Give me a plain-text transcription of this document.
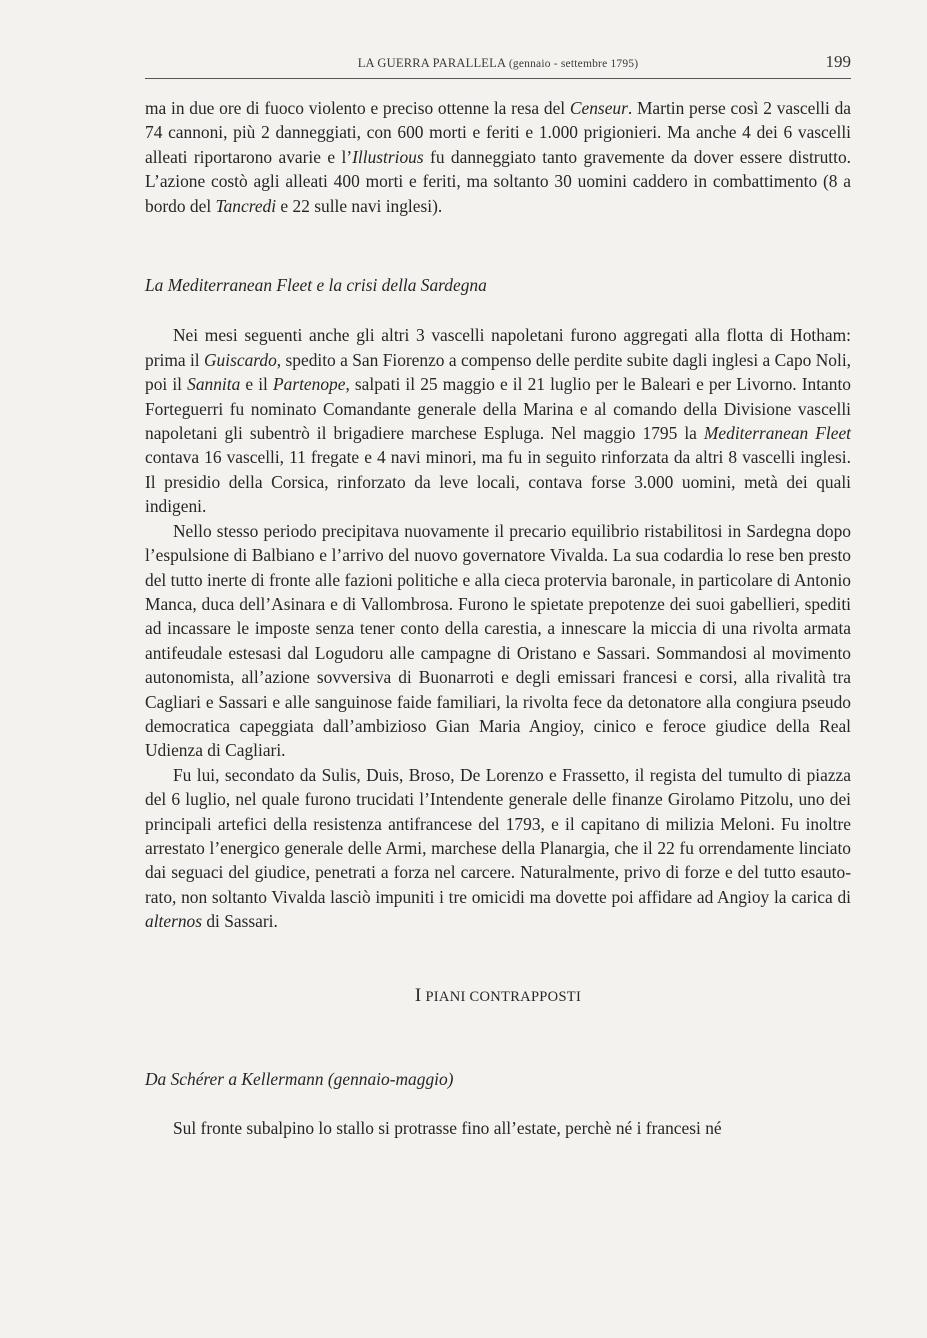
LA GUERRA PARALLELA (gennaio - settembre 1795)	199

ma in due ore di fuoco violento e preciso ottenne la resa del Censeur. Martin perse così 2 vascelli da 74 cannoni, più 2 danneggiati, con 600 morti e feriti e 1.000 prigionieri. Ma anche 4 dei 6 vascelli alleati riportarono avarie e l’Illustrious fu danneggiato tanto gravemente da dover essere distrutto. L’azione costò agli alleati 400 morti e feriti, ma soltanto 30 uomini caddero in combattimento (8 a bordo del Tancredi e 22 sulle navi inglesi).

La Mediterranean Fleet e la crisi della Sardegna

Nei mesi seguenti anche gli altri 3 vascelli napoletani furono aggregati alla flotta di Hotham: prima il Guiscardo, spedito a San Fiorenzo a compenso delle perdite subite dagli inglesi a Capo Noli, poi il Sannita e il Partenope, salpati il 25 maggio e il 21 luglio per le Baleari e per Livorno. Intanto Forteguerri fu nominato Comandante generale della Marina e al comando della Divisione vascelli napoletani gli subentrò il brigadiere marchese Espluga. Nel maggio 1795 la Mediterranean Fleet contava 16 vascelli, 11 fregate e 4 navi minori, ma fu in seguito rinforzata da altri 8 vascelli inglesi. Il presidio della Corsica, rinforzato da leve locali, contava forse 3.000 uomini, metà dei quali indigeni.

Nello stesso periodo precipitava nuovamente il precario equilibrio ristabilitosi in Sardegna dopo l’espulsione di Balbiano e l’arrivo del nuovo governatore Vivalda. La sua codardia lo rese ben presto del tutto inerte di fronte alle fazioni politiche e alla cieca protervia baronale, in particolare di Antonio Manca, duca dell’Asinara e di Vallombrosa. Furono le spietate prepotenze dei suoi gabellieri, spediti ad incassare le imposte senza tener conto della carestia, a innescare la miccia di una rivolta armata antifeudale estesasi dal Logudoru alle campagne di Oristano e Sassari. Sommandosi al movimento autonomista, all’azione sovversiva di Buonarroti e degli emissari francesi e corsi, alla rivalità tra Cagliari e Sassari e alle sanguinose faide familiari, la rivolta fece da detonatore alla congiura pseudo democratica capeggiata dall’ambizioso Gian Maria Angioy, cinico e feroce giudice della Real Udienza di Cagliari.

Fu lui, secondato da Sulis, Duis, Broso, De Lorenzo e Frassetto, il regista del tumulto di piazza del 6 luglio, nel quale furono trucidati l’Intendente generale delle finanze Girolamo Pitzolu, uno dei principali artefici della resistenza antifrancese del 1793, e il capitano di milizia Meloni. Fu inoltre arrestato l’energico generale delle Armi, marchese della Planargia, che il 22 fu orrendamente linciato dai seguaci del giudice, penetrati a forza nel carcere. Naturalmente, privo di forze e del tutto esautorato, non soltanto Vivalda lasciò impuniti i tre omicidi ma dovette poi affidare ad Angioy la carica di alternos di Sassari.

I PIANI CONTRAPPOSTI
Da Schérer a Kellermann (gennaio-maggio)

Sul fronte subalpino lo stallo si protrasse fino all’estate, perchè né i francesi né
